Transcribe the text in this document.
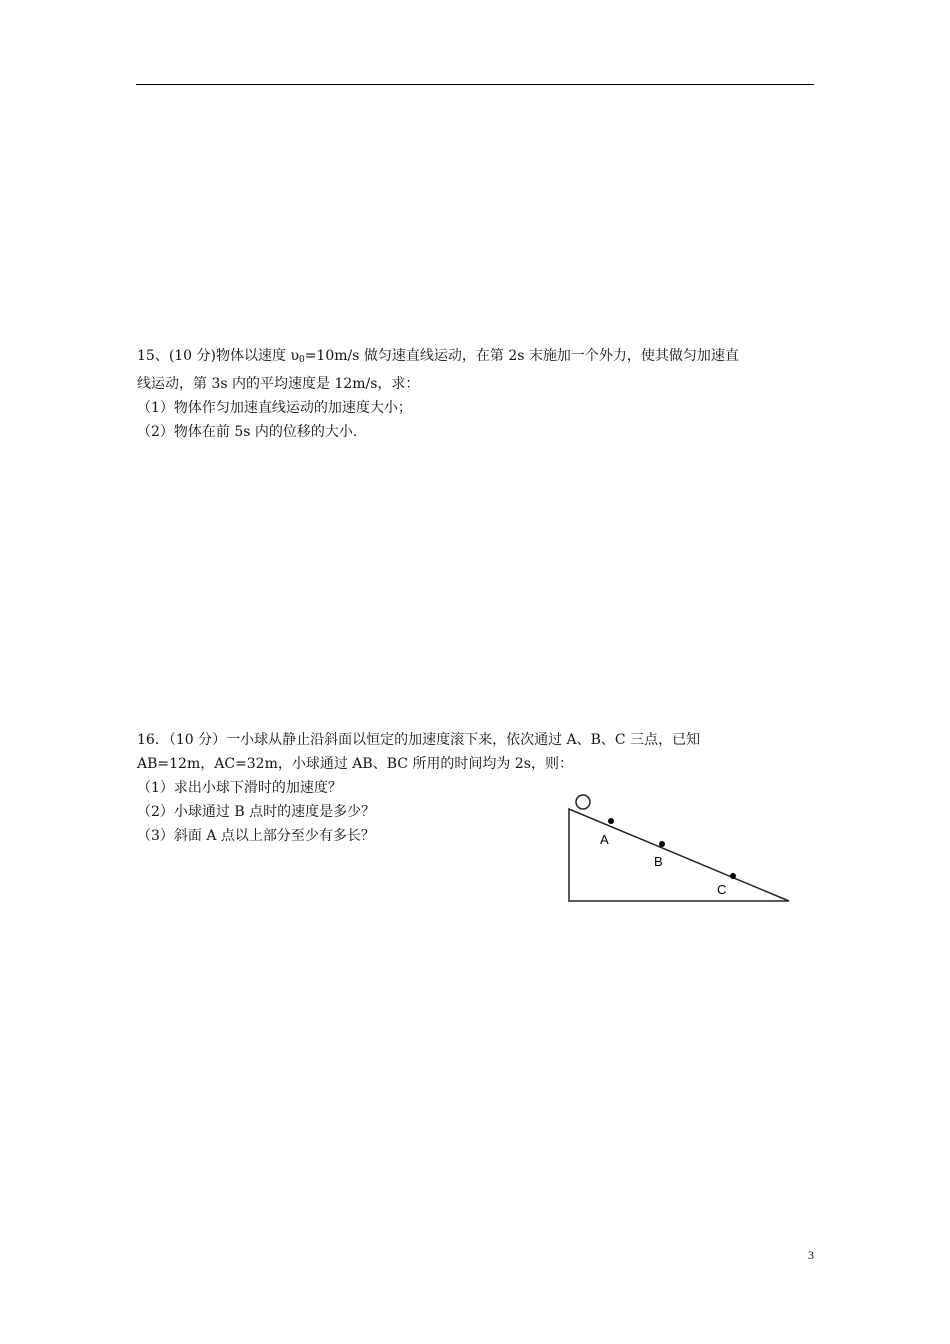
15、(10 分)物体以速度 $\upsilon_0=10m/s$ 做匀速直线运动，在第 2s 末施加一个外力，使其做匀加速直
线运动，第 3s 内的平均速度是 12m/s，求：
（1）物体作匀加速直线运动的加速度大小；
（2）物体在前 5s 内的位移的大小.
16．（10 分）一小球从静止沿斜面以恒定的加速度滚下来，依次通过 A、B、C 三点，已知
AB=12m，AC=32m，小球通过 AB、BC 所用的时间均为 2s，则：
（1）求出小球下滑时的加速度？
（2）小球通过 B 点时的速度是多少？
（3）斜面 A 点以上部分至少有多长？	A
B
C
3
